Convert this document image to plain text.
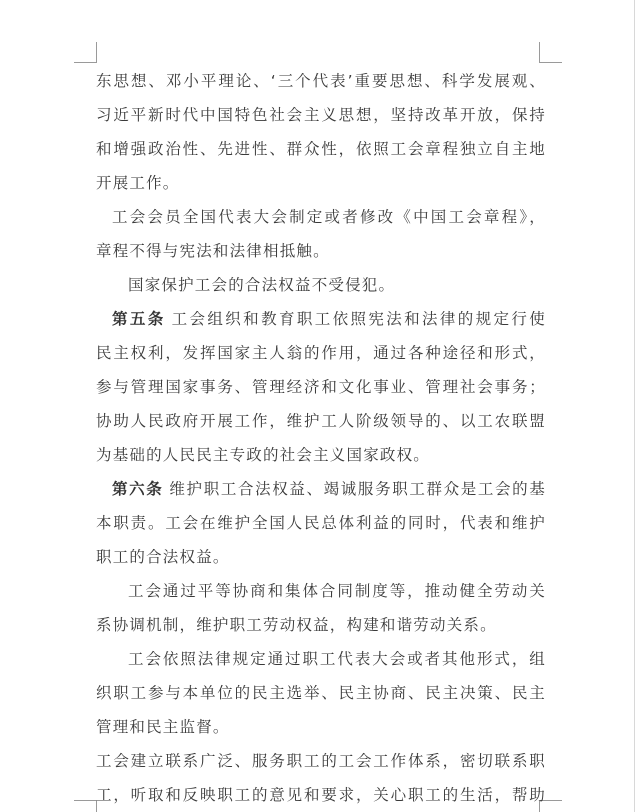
东思想、邓小平理论、‘三个代表’重要思想、科学发展观、
习近平新时代中国特色社会主义思想，坚持改革开放，保持
和增强政治性、先进性、群众性，依照工会章程独立自主地
开展工作。
工会会员全国代表大会制定或者修改《中国工会章程》，
章程不得与宪法和法律相抵触。
国家保护工会的合法权益不受侵犯。
第五条 工会组织和教育职工依照宪法和法律的规定行使
民主权利，发挥国家主人翁的作用，通过各种途径和形式，
参与管理国家事务、管理经济和文化事业、管理社会事务；
协助人民政府开展工作，维护工人阶级领导的、以工农联盟
为基础的人民民主专政的社会主义国家政权。
第六条 维护职工合法权益、竭诚服务职工群众是工会的基
本职责。工会在维护全国人民总体利益的同时，代表和维护
职工的合法权益。
工会通过平等协商和集体合同制度等，推动健全劳动关
系协调机制，维护职工劳动权益，构建和谐劳动关系。
工会依照法律规定通过职工代表大会或者其他形式，组
织职工参与本单位的民主选举、民主协商、民主决策、民主
管理和民主监督。
工会建立联系广泛、服务职工的工会工作体系，密切联系职
工，听取和反映职工的意见和要求，关心职工的生活，帮助
